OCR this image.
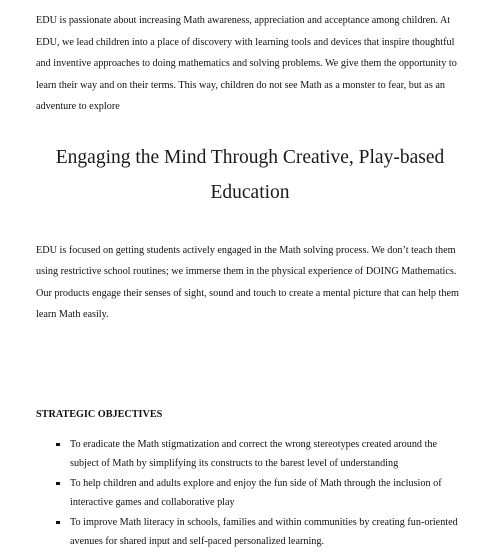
EDU is passionate about increasing Math awareness, appreciation and acceptance among children. At EDU, we lead children into a place of discovery with learning tools and devices that inspire thoughtful and inventive approaches to doing mathematics and solving problems. We give them the opportunity to learn their way and on their terms. This way, children do not see Math as a monster to fear, but as an adventure to explore

Engaging the Mind Through Creative, Play-based Education

EDU is focused on getting students actively engaged in the Math solving process. We don’t teach them using restrictive school routines; we immerse them in the physical experience of DOING Mathematics. Our products engage their senses of sight, sound and touch to create a mental picture that can help them learn Math easily.

STRATEGIC OBJECTIVES
To eradicate the Math stigmatization and correct the wrong stereotypes created around the subject of Math by simplifying its constructs to the barest level of understanding
To help children and adults explore and enjoy the fun side of Math through the inclusion of interactive games and collaborative play
To improve Math literacy in schools, families and within communities by creating fun-oriented avenues for shared input and self-paced personalized learning.
